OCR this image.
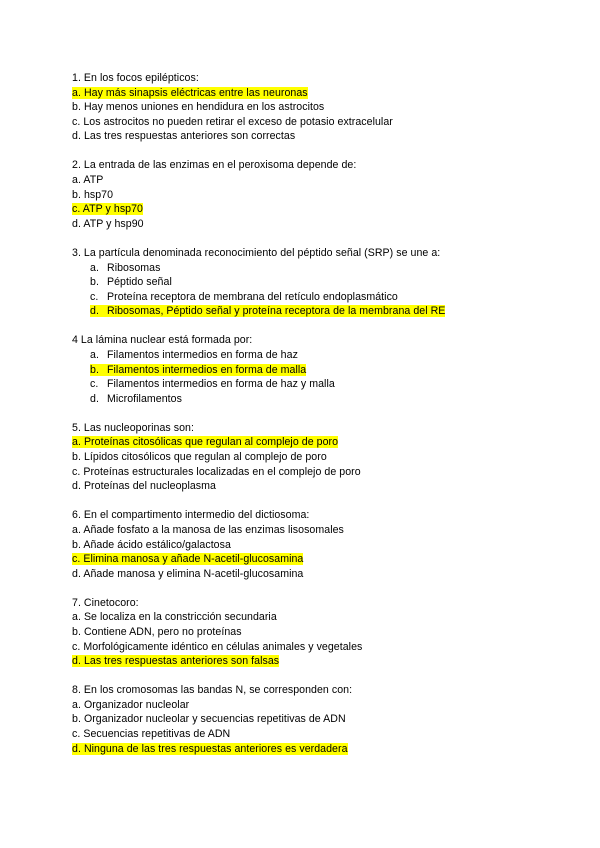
1. En los focos epilépticos:
a. Hay más sinapsis eléctricas entre las neuronas
b. Hay menos uniones en hendidura en los astrocitos
c. Los astrocitos no pueden retirar el exceso de potasio extracelular
d. Las tres respuestas anteriores son correctas
2. La entrada de las enzimas en el peroxisoma depende de:
a. ATP
b. hsp70
c. ATP y hsp70
d. ATP y hsp90
3. La partícula denominada reconocimiento del péptido señal (SRP) se une a:
a. Ribosomas
b. Péptido señal
c. Proteína receptora de membrana del retículo endoplasmático
d. Ribosomas, Péptido señal y proteína receptora de la membrana del RE
4 La lámina nuclear está formada por:
a. Filamentos intermedios en forma de haz
b. Filamentos intermedios en forma de malla
c. Filamentos intermedios en forma de haz y malla
d. Microfilamentos
5. Las nucleoporinas son:
a. Proteínas citosólicas que regulan al complejo de poro
b. Lípidos citosólicos que regulan al complejo de poro
c. Proteínas estructurales localizadas en el complejo de poro
d. Proteínas del nucleoplasma
6. En el compartimento intermedio del dictiosoma:
a. Añade fosfato a la manosa de las enzimas lisosomales
b. Añade ácido estálico/galactosa
c. Elimina manosa y añade N-acetil-glucosamina
d. Añade manosa y elimina N-acetil-glucosamina
7. Cinetocoro:
a. Se localiza en la constricción secundaria
b. Contiene ADN, pero no proteínas
c. Morfológicamente idéntico en células animales y vegetales
d. Las tres respuestas anteriores son falsas
8. En los cromosomas las bandas N, se corresponden con:
a. Organizador nucleolar
b. Organizador nucleolar y secuencias repetitivas de ADN
c. Secuencias repetitivas de ADN
d. Ninguna de las tres respuestas anteriores es verdadera
